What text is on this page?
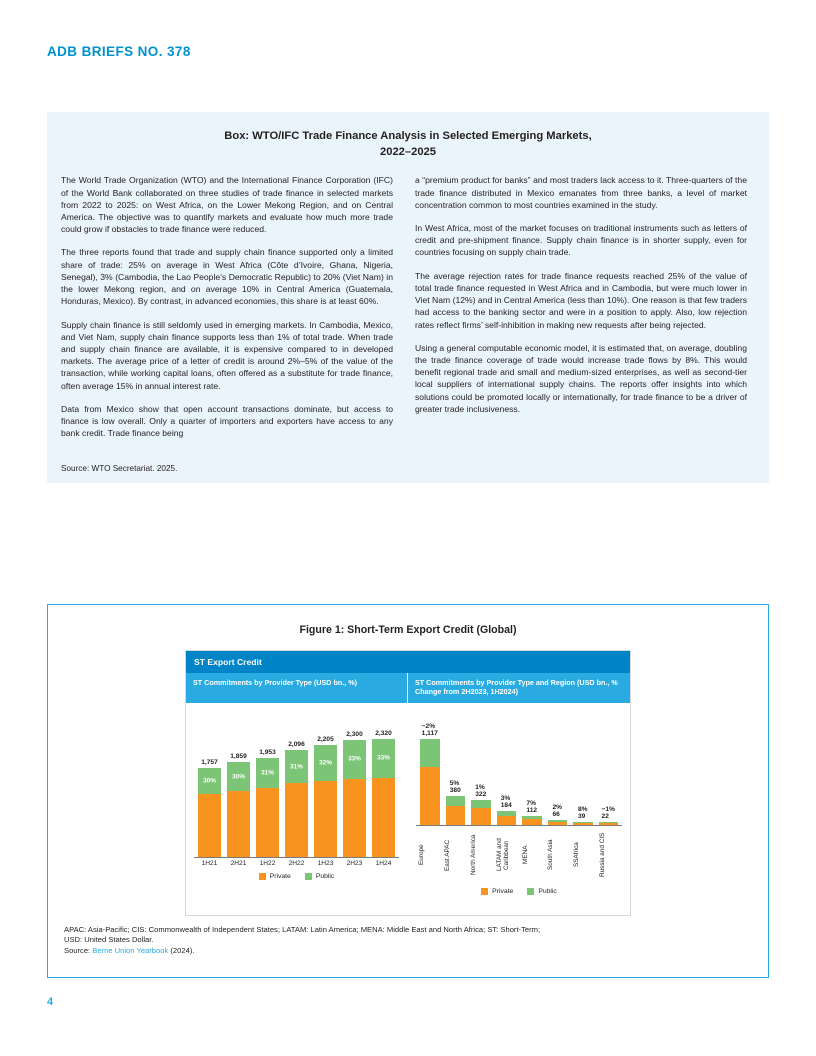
ADB BRIEFS NO. 378
Box: WTO/IFC Trade Finance Analysis in Selected Emerging Markets,
2022–2025

The World Trade Organization (WTO) and the International Finance Corporation (IFC) of the World Bank collaborated on three studies of trade finance in selected markets from 2022 to 2025: on West Africa, on the Lower Mekong Region, and on Central America. The objective was to quantify markets and evaluate how much more trade could grow if obstacles to trade finance were reduced.

The three reports found that trade and supply chain finance supported only a limited share of trade: 25% on average in West Africa (Côte d’Ivoire, Ghana, Nigeria, Senegal), 3% (Cambodia, the Lao People’s Democratic Republic) to 20% (Viet Nam) in the lower Mekong region, and on average 10% in Central America (Guatemala, Honduras, Mexico). By contrast, in advanced economies, this share is at least 60%.

Supply chain finance is still seldomly used in emerging markets. In Cambodia, Mexico, and Viet Nam, supply chain finance supports less than 1% of total trade. When trade and supply chain finance are available, it is expensive compared to in developed markets. The average price of a letter of credit is around 2%–5% of the value of the transaction, while working capital loans, often offered as a substitute for trade finance, often average 15% in annual interest rate.

Data from Mexico show that open account transactions dominate, but access to finance is low overall. Only a quarter of importers and exporters have access to any bank credit. Trade finance being

a “premium product for banks” and most traders lack access to it. Three-quarters of the trade finance distributed in Mexico emanates from three banks, a level of market concentration common to most countries examined in the study.

In West Africa, most of the market focuses on traditional instruments such as letters of credit and pre-shipment finance. Supply chain finance is in shorter supply, even for countries focusing on supply chain trade.

The average rejection rates for trade finance requests reached 25% of the value of total trade finance requested in West Africa and in Cambodia, but were much lower in Viet Nam (12%) and in Central America (less than 10%). One reason is that few traders had access to the banking sector and were in a position to apply. Also, low rejection rates reflect firms’ self-inhibition in making new requests after being rejected.

Using a general computable economic model, it is estimated that, on average, doubling the trade finance coverage of trade would increase trade flows by 8%. This would benefit regional trade and small and medium-sized enterprises, as well as second-tier local suppliers of international supply chains. The reports offer insights into which solutions could be promoted locally or internationally, for trade finance to be a driver of greater trade inclusiveness.

Source: WTO Secretariat. 2025.
Figure 1: Short-Term Export Credit (Global)
ST Export Credit
ST Commitments by Provider Type (USD bn., %)
1,757
30%
1,859
30%
1,953
31%
2,096
31%
2,205
32%
2,300
33%
2,320
33%
1H21	2H21	1H22	2H22	1H23	2H23	1H24
Private	Public
ST Commitments by Provider Type and Region (USD bn., % Change from 2H2023, 1H2024)
−2%
1,117
5%
380 1%
322
3%
184 7%
112 2%
66
8%
39
−1%
22
Europe	East APAC	North America	LATAM and Caribbean	MENA	South Asia	SSAfrica	Russia and CIS
Private	Public
APAC: Asia-Pacific; CIS: Commonwealth of Independent States; LATAM: Latin America; MENA: Middle East and North Africa; ST: Short-Term;
USD: United States Dollar.
Source: Berne Union Yearbook (2024).
4
